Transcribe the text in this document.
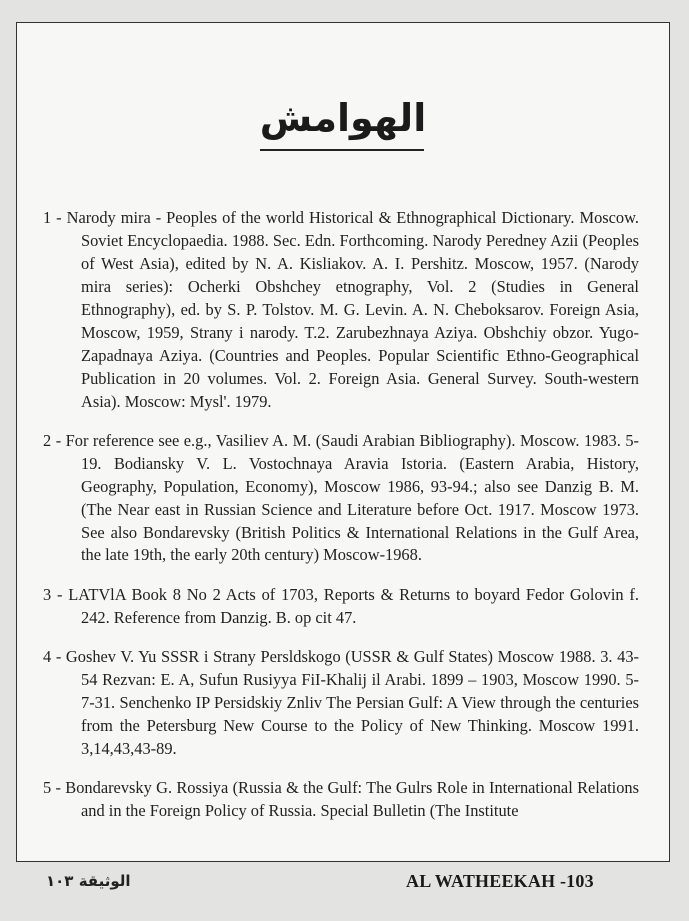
الهوامش

1 - Narody mira - Peoples of the world Historical & Ethnographical Dictionary. Moscow. Soviet Encyclopaedia. 1988. Sec. Edn. Forthcoming. Narody Peredney Azii (Peoples of West Asia), edited by N. A. Kisliakov. A. I. Pershitz. Moscow, 1957. (Narody mira series): Ocherki Obshchey etnography, Vol. 2 (Studies in General Ethnography), ed. by S. P. Tolstov. M. G. Levin. A. N. Cheboksarov. Foreign Asia, Moscow, 1959, Strany i narody. T.2. Zarubezhnaya Aziya. Obshchiy obzor. Yugo-Zapadnaya Aziya. (Countries and Peoples. Popular Scientific Ethno-Geographical Publication in 20 volumes. Vol. 2. Foreign Asia. General Survey. South-western Asia). Moscow: Mysl'. 1979.

2 - For reference see e.g., Vasiliev A. M. (Saudi Arabian Bibliography). Moscow. 1983. 5-19. Bodiansky V. L. Vostochnaya Aravia Istoria. (Eastern Arabia, History, Geography, Population, Economy), Moscow 1986, 93-94.; also see Danzig B. M. (The Near east in Russian Science and Literature before Oct. 1917. Moscow 1973. See also Bondarevsky (British Politics & International Relations in the Gulf Area, the late 19th, the early 20th century) Moscow-1968.

3 - LATVlA Book 8 No 2 Acts of 1703, Reports & Returns to boyard Fedor Golovin f. 242. Reference from Danzig. B. op cit 47.

4 - Goshev V. Yu SSSR i Strany Persldskogo (USSR & Gulf States) Moscow 1988. 3. 43-54 Rezvan: E. A, Sufun Rusiyya FiI-Khalij il Arabi. 1899 – 1903, Moscow 1990. 5-7-31. Senchenko IP Persidskiy Znliv The Persian Gulf: A View through the centuries from the Petersburg New Course to the Policy of New Thinking. Moscow 1991. 3,14,43,43-89.

5 - Bondarevsky G. Rossiya (Russia & the Gulf: The Gulrs Role in International Relations and in the Foreign Policy of Russia. Special Bulletin (The Institute

الوثيقة ١٠٣	AL WATHEEKAH -103
